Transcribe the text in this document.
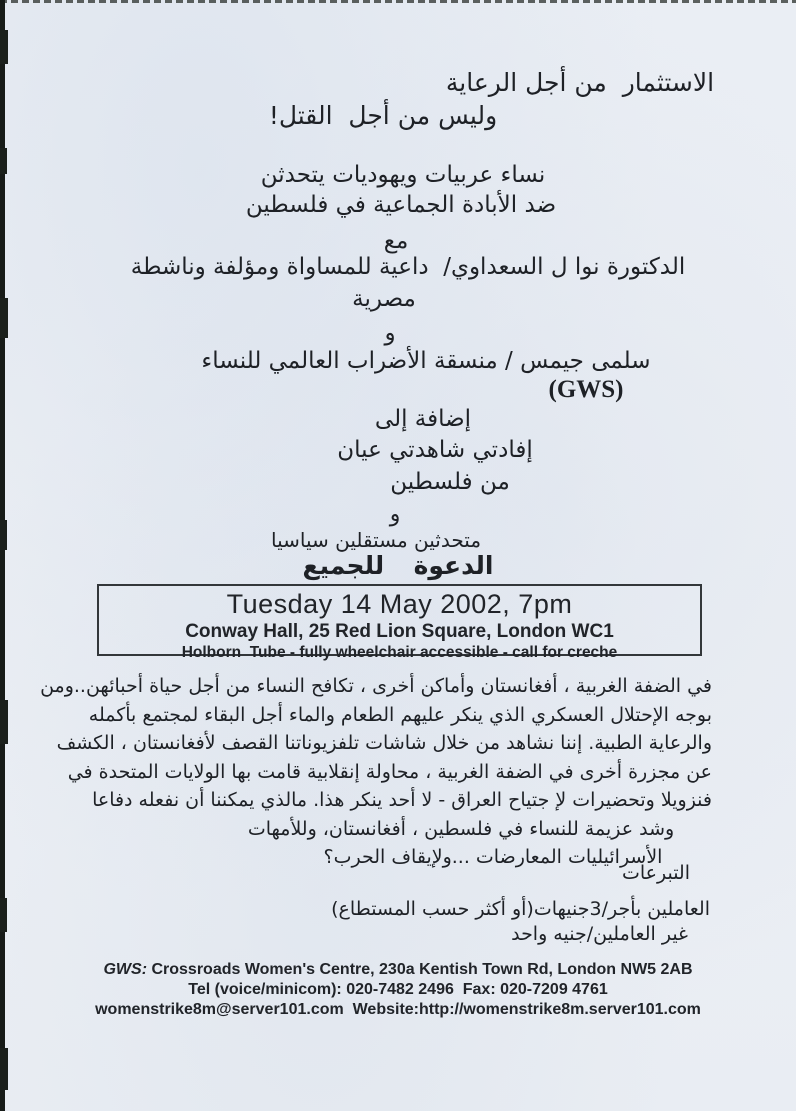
الاستثمار  من أجل الرعاية
وليس من أجل  القتل!
نساء عربيات ويهوديات يتحدثن
ضد الأبادة الجماعية في فلسطين
مع
الدكتورة نوا ل السعداوي/  داعية للمساواة ومؤلفة وناشطة
مصرية
و
سلمى جيمس / منسقة الأضراب العالمي للنساء
(GWS)
إضافة إلى
إفادتي شاهدتي عيان
من فلسطين
و
متحدثين مستقلين سياسيا
الدعوة  للجميع
Tuesday 14 May 2002, 7pm
Conway Hall, 25 Red Lion Square, London WC1
Holborn  Tube - fully wheelchair accessible - call for creche
في الضفة الغربية ، أفغانستان وأماكن أخرى ، تكافح النساء من أجل حياة أحبائهن..ومن
بوجه الإحتلال العسكري الذي ينكر عليهم الطعام والماء أجل البقاء لمجتمع بأكمله
والرعاية الطبية. إننا نشاهد من خلال شاشات تلفزيوناتنا القصف لأفغانستان ، الكشف
عن مجزرة أخرى في الضفة الغربية ، محاولة إنقلابية قامت بها الولايات المتحدة في
فنزويلا وتحضيرات لإ جتياح العراق - لا أحد ينكر هذا. مالذي يمكننا أن نفعله دفاعا
وشد عزيمة للنساء في فلسطين ، أفغانستان، وللأمهات
الأسرائيليات المعارضات ...ولإيقاف الحرب؟
التبرعات
العاملين بأجر/3جنيهات(أو أكثر حسب المستطاع)
غير العاملين/جنيه واحد
GWS: Crossroads Women's Centre, 230a Kentish Town Rd, London NW5 2AB
Tel (voice/minicom): 020-7482 2496  Fax: 020-7209 4761
womenstrike8m@server101.com  Website:http://womenstrike8m.server101.com
